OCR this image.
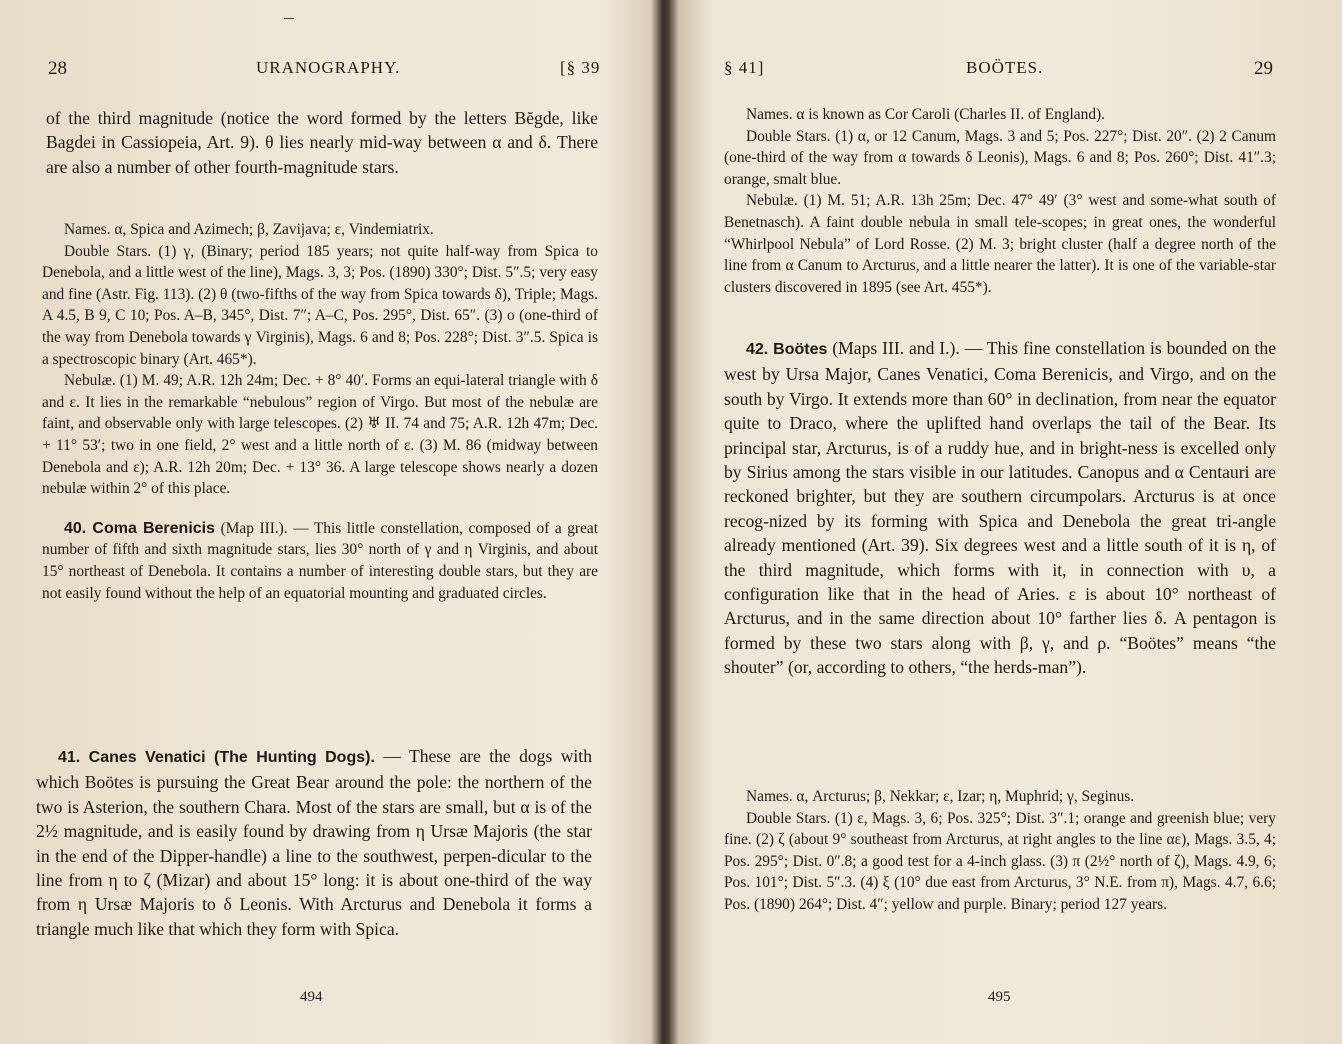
28	URANOGRAPHY.	[§ 39

of the third magnitude (notice the word formed by the letters Bĕgde, like Bagdei in Cassiopeia, Art. 9). θ lies nearly mid-way between α and δ. There are also a number of other fourth-magnitude stars.

Names. α, Spica and Azimech; β, Zavijava; ε, Vindemiatrix.

Double Stars. (1) γ, (Binary; period 185 years; not quite half-way from Spica to Denebola, and a little west of the line), Mags. 3, 3; Pos. (1890) 330°; Dist. 5″.5; very easy and fine (Astr. Fig. 113). (2) θ (two-fifths of the way from Spica towards δ), Triple; Mags. A 4.5, B 9, C 10; Pos. A–B, 345°, Dist. 7″; A–C, Pos. 295°, Dist. 65″. (3) ο (one-third of the way from Denebola towards γ Virginis), Mags. 6 and 8; Pos. 228°; Dist. 3″.5. Spica is a spectroscopic binary (Art. 465*).

Nebulæ. (1) M. 49; A.R. 12h 24m; Dec. + 8° 40′. Forms an equi-lateral triangle with δ and ε. It lies in the remarkable “nebulous” region of Virgo. But most of the nebulæ are faint, and observable only with large telescopes. (2) ♅ II. 74 and 75; A.R. 12h 47m; Dec. + 11° 53′; two in one field, 2° west and a little north of ε. (3) M. 86 (midway between Denebola and ε); A.R. 12h 20m; Dec. + 13° 36. A large telescope shows nearly a dozen nebulæ within 2° of this place.

40. Coma Berenicis (Map III.). — This little constellation, composed of a great number of fifth and sixth magnitude stars, lies 30° north of γ and η Virginis, and about 15° northeast of Denebola. It contains a number of interesting double stars, but they are not easily found without the help of an equatorial mounting and graduated circles.

41. Canes Venatici (The Hunting Dogs). — These are the dogs with which Boötes is pursuing the Great Bear around the pole: the northern of the two is Asterion, the southern Chara. Most of the stars are small, but α is of the 2½ magnitude, and is easily found by drawing from η Ursæ Majoris (the star in the end of the Dipper-handle) a line to the southwest, perpen-dicular to the line from η to ζ (Mizar) and about 15° long: it is about one-third of the way from η Ursæ Majoris to δ Leonis. With Arcturus and Denebola it forms a triangle much like that which they form with Spica.

494
§ 41]	BOÖTES.	29

Names. α is known as Cor Caroli (Charles II. of England).

Double Stars. (1) α, or 12 Canum, Mags. 3 and 5; Pos. 227°; Dist. 20″. (2) 2 Canum (one-third of the way from α towards δ Leonis), Mags. 6 and 8; Pos. 260°; Dist. 41″.3; orange, smalt blue.

Nebulæ. (1) M. 51; A.R. 13h 25m; Dec. 47° 49′ (3° west and some-what south of Benetnasch). A faint double nebula in small tele-scopes; in great ones, the wonderful “Whirlpool Nebula” of Lord Rosse. (2) M. 3; bright cluster (half a degree north of the line from α Canum to Arcturus, and a little nearer the latter). It is one of the variable-star clusters discovered in 1895 (see Art. 455*).

42. Boötes (Maps III. and I.). — This fine constellation is bounded on the west by Ursa Major, Canes Venatici, Coma Berenicis, and Virgo, and on the south by Virgo. It extends more than 60° in declination, from near the equator quite to Draco, where the uplifted hand overlaps the tail of the Bear. Its principal star, Arcturus, is of a ruddy hue, and in bright-ness is excelled only by Sirius among the stars visible in our latitudes. Canopus and α Centauri are reckoned brighter, but they are southern circumpolars. Arcturus is at once recog-nized by its forming with Spica and Denebola the great tri-angle already mentioned (Art. 39). Six degrees west and a little south of it is η, of the third magnitude, which forms with it, in connection with υ, a configuration like that in the head of Aries. ε is about 10° northeast of Arcturus, and in the same direction about 10° farther lies δ. A pentagon is formed by these two stars along with β, γ, and ρ. “Boötes” means “the shouter” (or, according to others, “the herds-man”).

Names. α, Arcturus; β, Nekkar; ε, Izar; η, Muphrid; γ, Seginus.

Double Stars. (1) ε, Mags. 3, 6; Pos. 325°; Dist. 3″.1; orange and greenish blue; very fine. (2) ζ (about 9° southeast from Arcturus, at right angles to the line αε), Mags. 3.5, 4; Pos. 295°; Dist. 0″.8; a good test for a 4-inch glass. (3) π (2½° north of ζ), Mags. 4.9, 6; Pos. 101°; Dist. 5″.3. (4) ξ (10° due east from Arcturus, 3° N.E. from π), Mags. 4.7, 6.6; Pos. (1890) 264°; Dist. 4″; yellow and purple. Binary; period 127 years.

495
